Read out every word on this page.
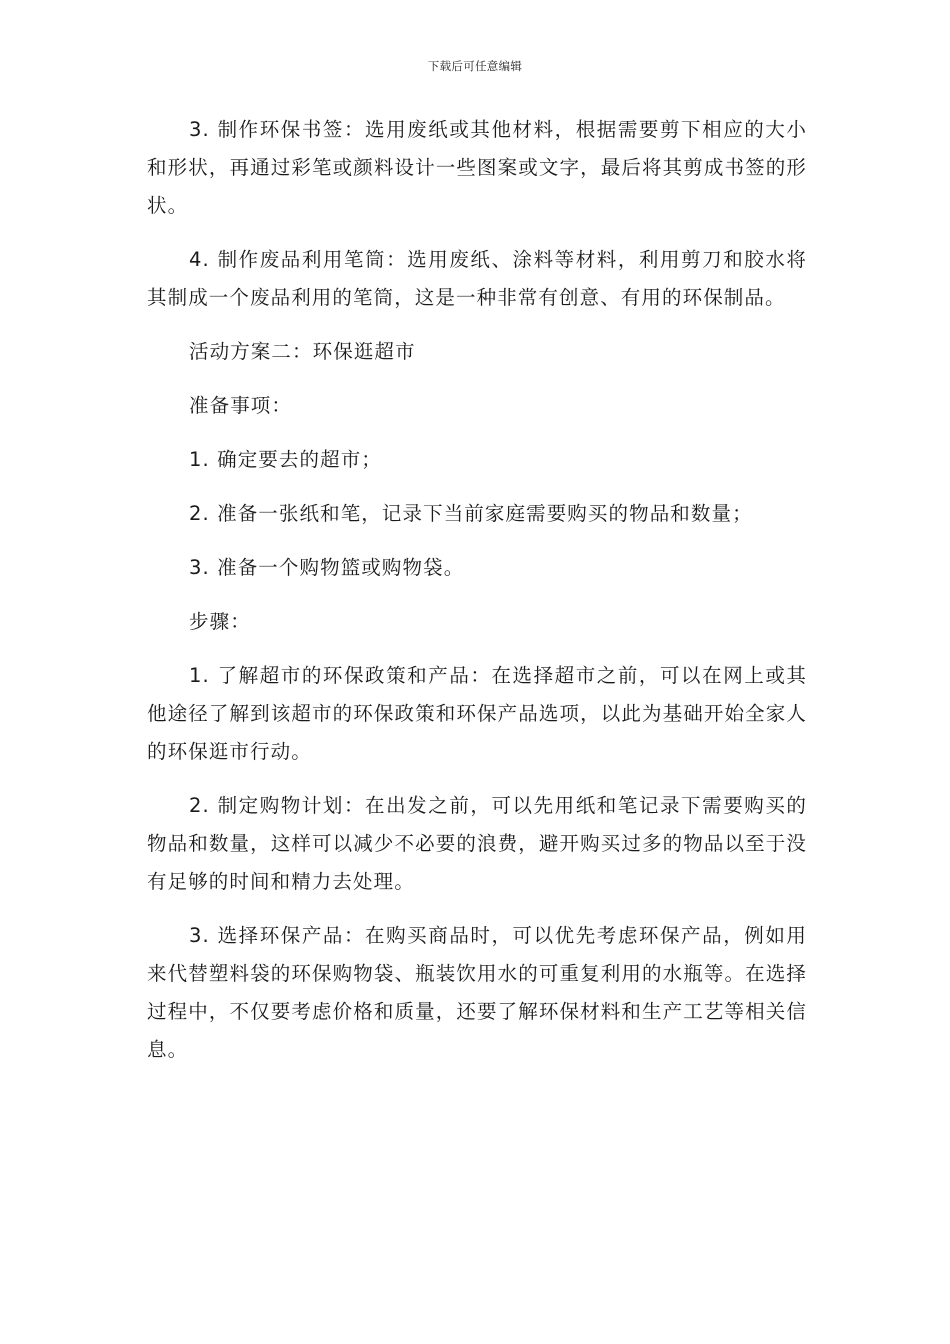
下载后可任意编辑

3. 制作环保书签：选用废纸或其他材料，根据需要剪下相应的大小和形状，再通过彩笔或颜料设计一些图案或文字，最后将其剪成书签的形状。

4. 制作废品利用笔筒：选用废纸、涂料等材料，利用剪刀和胶水将其制成一个废品利用的笔筒，这是一种非常有创意、有用的环保制品。

活动方案二：环保逛超市

准备事项：

1. 确定要去的超市；

2. 准备一张纸和笔，记录下当前家庭需要购买的物品和数量；

3. 准备一个购物篮或购物袋。

步骤：

1. 了解超市的环保政策和产品：在选择超市之前，可以在网上或其他途径了解到该超市的环保政策和环保产品选项，以此为基础开始全家人的环保逛市行动。

2. 制定购物计划：在出发之前，可以先用纸和笔记录下需要购买的物品和数量，这样可以减少不必要的浪费，避开购买过多的物品以至于没有足够的时间和精力去处理。

3. 选择环保产品：在购买商品时，可以优先考虑环保产品，例如用来代替塑料袋的环保购物袋、瓶装饮用水的可重复利用的水瓶等。在选择过程中，不仅要考虑价格和质量，还要了解环保材料和生产工艺等相关信息。
